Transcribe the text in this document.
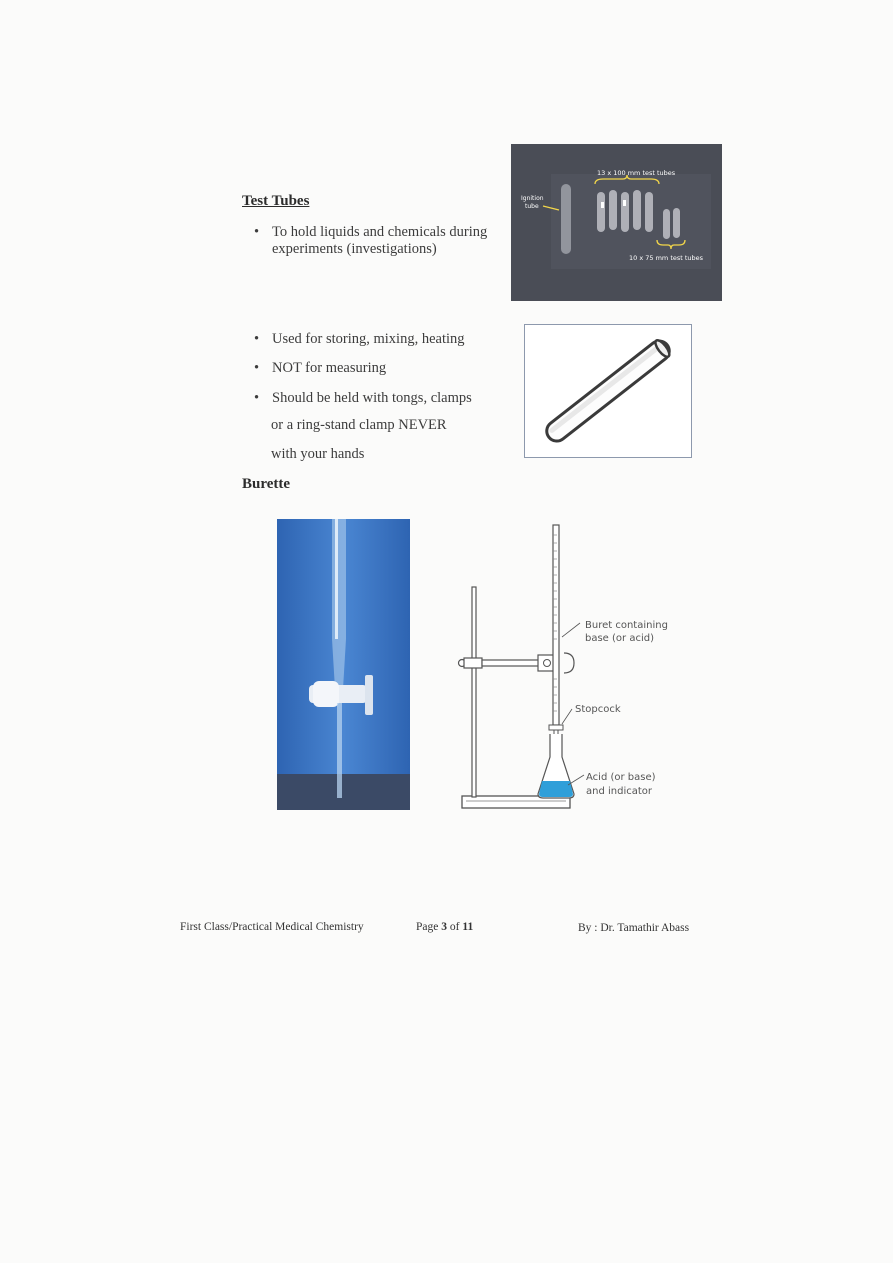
Test Tubes
• To hold liquids and chemicals during
experiments (investigations)
13 x 100 mm test tubes
Ignition
tube
10 x 75 mm test tubes
• Used for storing, mixing, heating
• NOT for measuring
• Should be held with tongs, clamps
or a ring-stand clamp NEVER
with your hands
Burette
Buret containing
base (or acid)
Stopcock
Acid (or base)
and indicator
First Class/Practical Medical Chemistry	Page 3 of 11	By : Dr. Tamathir Abass
